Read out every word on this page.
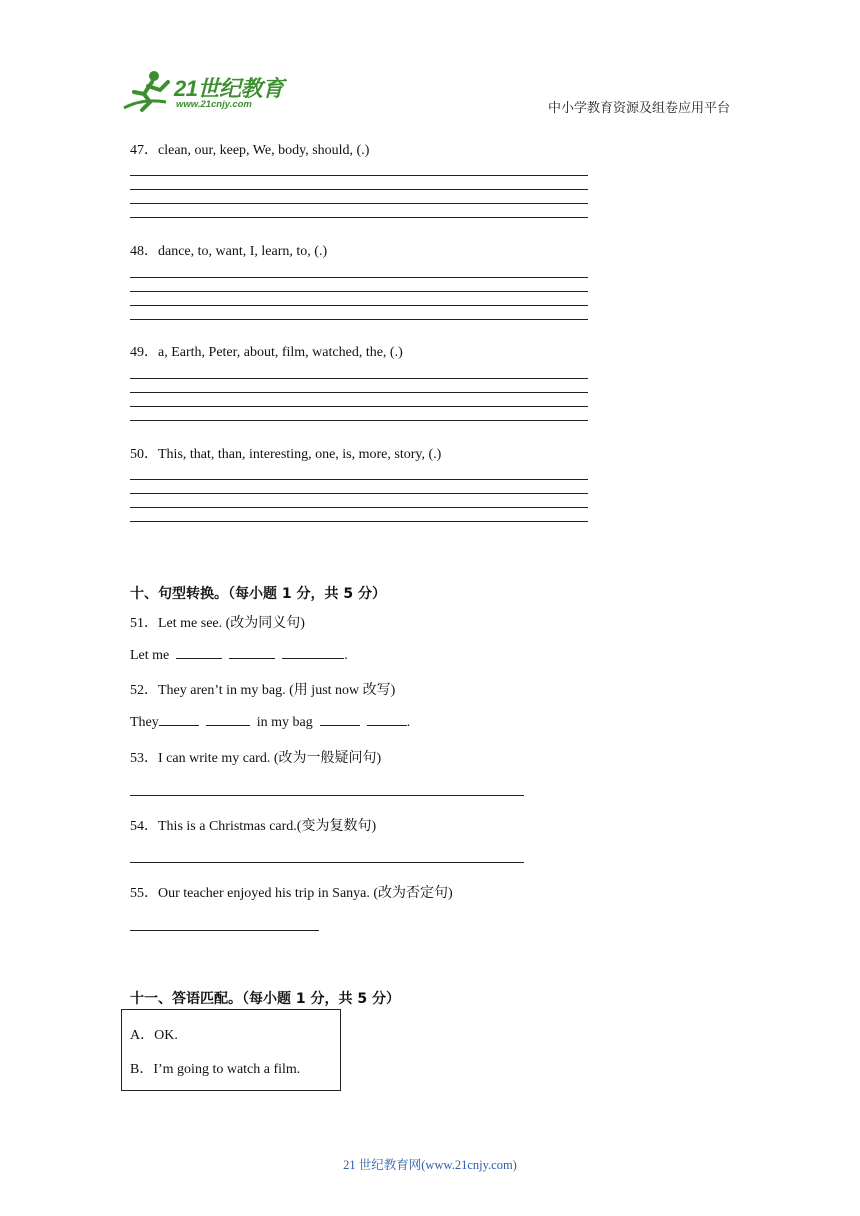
21世纪教育
www.21cnjy.com	中小学教育资源及组卷应用平台
47．clean, our, keep, We, body, should, (.)
48．dance, to, want, I, learn, to, (.)
49．a, Earth, Peter, about, film, watched, the, (.)
50．This, that, than, interesting, one, is, more, story, (.)
十、句型转换。（每小题 1 分，共 5 分）
51．Let me see. (改为同义句)
Let me	.
52．They aren’t in my bag. (用 just now 改写)
They	in my bag	.
53．I can write my card. (改为一般疑问句)
54．This is a Christmas card.(变为复数句)
55．Our teacher enjoyed his trip in Sanya. (改为否定句)
十一、答语匹配。（每小题 1 分，共 5 分）
A．OK.
B．I’m going to watch a film.
21 世纪教育网(www.21cnjy.com)
